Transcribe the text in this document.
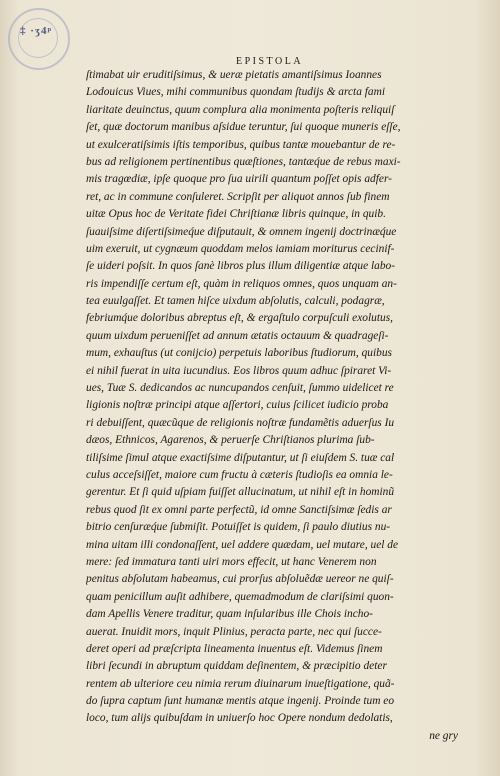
‡ ·ʒ4ᵖ
EPISTOLA
ſtimabat uir eruditiſsimus, & ueræ pietatis amantiſsimus Ioannes
Lodouicus Viues, mihi communibus quondam ſtudijs & arcta fami
liaritate deuinctus, quum complura alia monimenta poſteris reliquiſ
ſet, quæ doctorum manibus aſsidue teruntur, ſui quoque muneris eſſe,
ut exulceratiſsimis iſtis temporibus, quibus tantæ mouebantur de re-
bus ad religionem pertinentibus quæſtiones, tantæq́ue de rebus maxi-
mis tragœdiæ, ipſe quoque pro ſua uirili quantum poſſet opis adfer-
ret, ac in commune conſuleret. Scripſit per aliquot annos ſub finem
uitæ Opus hoc de Veritate fidei Chriſtianæ libris quinque, in quib.
ſuauiſsime diſertiſsimeq́ue diſputauit, & omnem ingenij doctrinæq́ue
uim exeruit, ut cygnæum quoddam melos iamiam moriturus cecinif-
ſe uideri poſsit. In quos ſanè libros plus illum diligentiæ atque labo-
ris impendiſſe certum eſt, quàm in reliquos omnes, quos unquam an-
tea euulgaſſet. Et tamen hiſce uixdum abſolutis, calculi, podagræ,
febriumq́ue doloribus abreptus eſt, & ergaſtulo corpuſculi exolutus,
quum uixdum perueniſſet ad annum ætatis octauum & quadrageſi-
mum, exhauſtus (ut conijcio) perpetuis laboribus ſtudiorum, quibus
ei nihil fuerat in uita iucundius. Eos libros quum adhuc ſpiraret Vi-
ues, Tuæ S. dedicandos ac nuncupandos cenſuit, ſummo uidelicet re
ligionis noſtræ principi atque aſſertori, cuius ſcilicet iudicio proba
ri debuiſſent, quæcũque de religionis noſtræ fundamẽtis aduerſus Iu
dæos, Ethnicos, Agarenos, & peruerſe Chriſtianos plurima ſub-
tiliſsime ſimul atque exactiſsime diſputantur, ut ſi eiuſdem S. tuæ cal
culus acceſsiſſet, maiore cum fructu à cæteris ſtudioſis ea omnia le-
gerentur. Et ſi quid uſpiam fuiſſet allucinatum, ut nihil eſt in hominũ
rebus quod ſit ex omni parte perfectũ, id omne Sanctiſsimæ ſedis ar
bitrio cenſuræq́ue ſubmiſit. Potuiſſet is quidem, ſi paulo diutius nu-
mina uitam illi condonaſſent, uel addere quædam, uel mutare, uel de
mere: ſed immatura tanti uiri mors effecit, ut hanc Venerem non
penitus abſolutam habeamus, cui prorſus abſoluẽdæ uereor ne quiſ-
quam penicillum auſit adhibere, quemadmodum de clariſsimi quon-
dam Apellis Venere traditur, quam inſularibus ille Chois incho-
auerat. Inuidit mors, inquit Plinius, peracta parte, nec qui ſucce-
deret operi ad præſcripta lineamenta inuentus eſt. Videmus ſinem
libri ſecundi in abruptum quiddam deſinentem, & præcipitio deter
rentem ab ulteriore ceu nimia rerum diuinarum inueſtigatione, quã-
do ſupra captum ſunt humanæ mentis atque ingenij. Proinde tum eo
loco, tum alijs quibuſdam in uniuerſo hoc Opere nondum dedolatis,
ne gry
